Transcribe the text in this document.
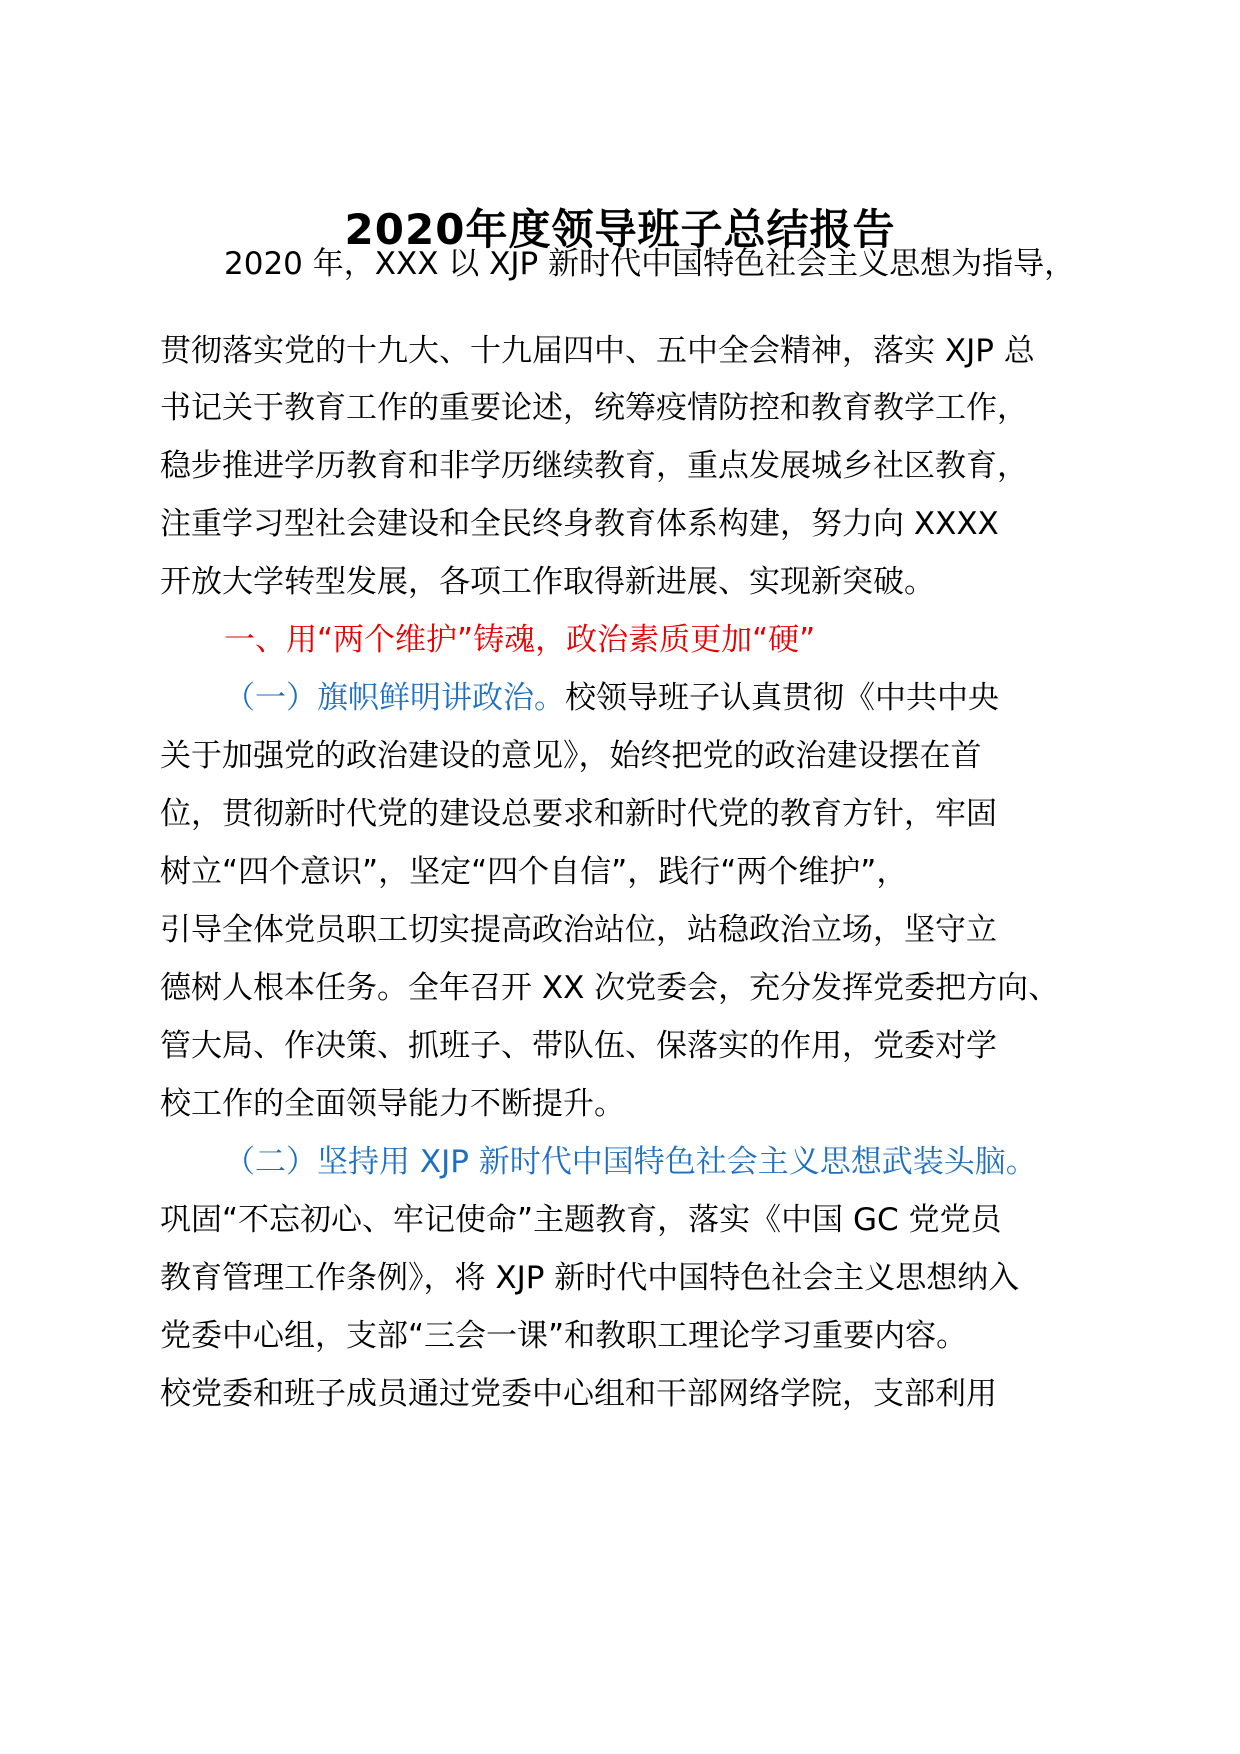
2020年度领导班子总结报告

2020 年，XXX 以 XJP 新时代中国特色社会主义思想为指导，

贯彻落实党的十九大、十九届四中、五中全会精神，落实 XJP 总

书记关于教育工作的重要论述，统筹疫情防控和教育教学工作，

稳步推进学历教育和非学历继续教育，重点发展城乡社区教育，

注重学习型社会建设和全民终身教育体系构建，努力向 XXXX

开放大学转型发展，各项工作取得新进展、实现新突破。

一、用“两个维护”铸魂，政治素质更加“硬”

（一）旗帜鲜明讲政治。校领导班子认真贯彻《中共中央

关于加强党的政治建设的意见》，始终把党的政治建设摆在首

位，贯彻新时代党的建设总要求和新时代党的教育方针，牢固

树立“四个意识”，坚定“四个自信”，践行“两个维护”，

引导全体党员职工切实提高政治站位，站稳政治立场，坚守立

德树人根本任务。全年召开 XX 次党委会，充分发挥党委把方向、

管大局、作决策、抓班子、带队伍、保落实的作用，党委对学

校工作的全面领导能力不断提升。

（二）坚持用 XJP 新时代中国特色社会主义思想武装头脑。

巩固“不忘初心、牢记使命”主题教育，落实《中国 GC 党党员

教育管理工作条例》，将 XJP 新时代中国特色社会主义思想纳入

党委中心组，支部“三会一课”和教职工理论学习重要内容。

校党委和班子成员通过党委中心组和干部网络学院，支部利用
